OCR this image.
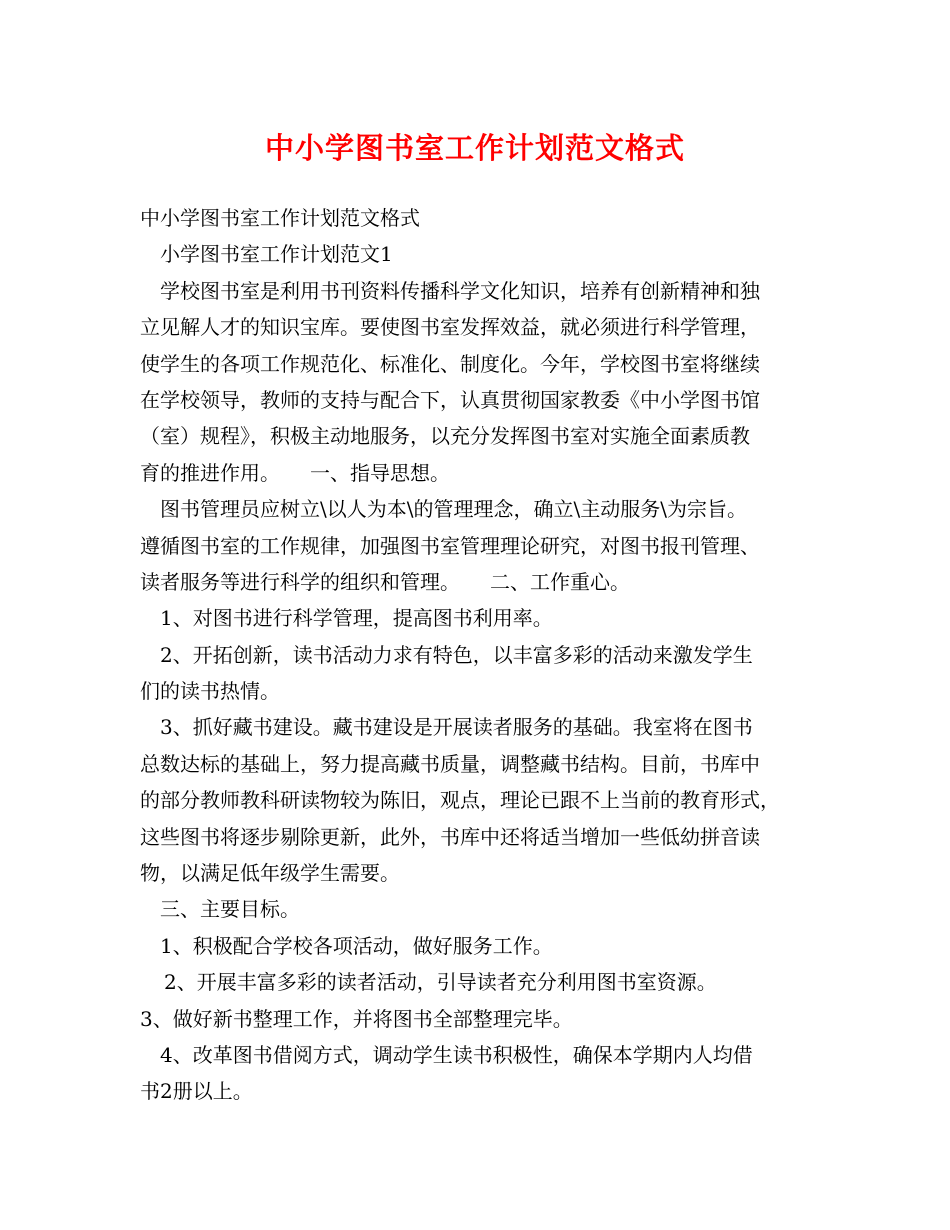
中小学图书室工作计划范文格式
中小学图书室工作计划范文格式
小学图书室工作计划范文1
学校图书室是利用书刊资料传播科学文化知识，培养有创新精神和独
立见解人才的知识宝库。要使图书室发挥效益，就必须进行科学管理，
使学生的各项工作规范化、标准化、制度化。今年，学校图书室将继续
在学校领导，教师的支持与配合下，认真贯彻国家教委《中小学图书馆
（室）规程》，积极主动地服务，以充分发挥图书室对实施全面素质教
育的推进作用。　　一、指导思想。
图书管理员应树立\以人为本\的管理理念，确立\主动服务\为宗旨。
遵循图书室的工作规律，加强图书室管理理论研究，对图书报刊管理、
读者服务等进行科学的组织和管理。　　二、工作重心。
1、对图书进行科学管理，提高图书利用率。
2、开拓创新，读书活动力求有特色，以丰富多彩的活动来激发学生
们的读书热情。
3、抓好藏书建设。藏书建设是开展读者服务的基础。我室将在图书
总数达标的基础上，努力提高藏书质量，调整藏书结构。目前，书库中
的部分教师教科研读物较为陈旧，观点，理论已跟不上当前的教育形式，
这些图书将逐步剔除更新，此外，书库中还将适当增加一些低幼拼音读
物，以满足低年级学生需要。
三、主要目标。
1、积极配合学校各项活动，做好服务工作。
2、开展丰富多彩的读者活动，引导读者充分利用图书室资源。
3、做好新书整理工作，并将图书全部整理完毕。
4、改革图书借阅方式，调动学生读书积极性，确保本学期内人均借
书2册以上。
